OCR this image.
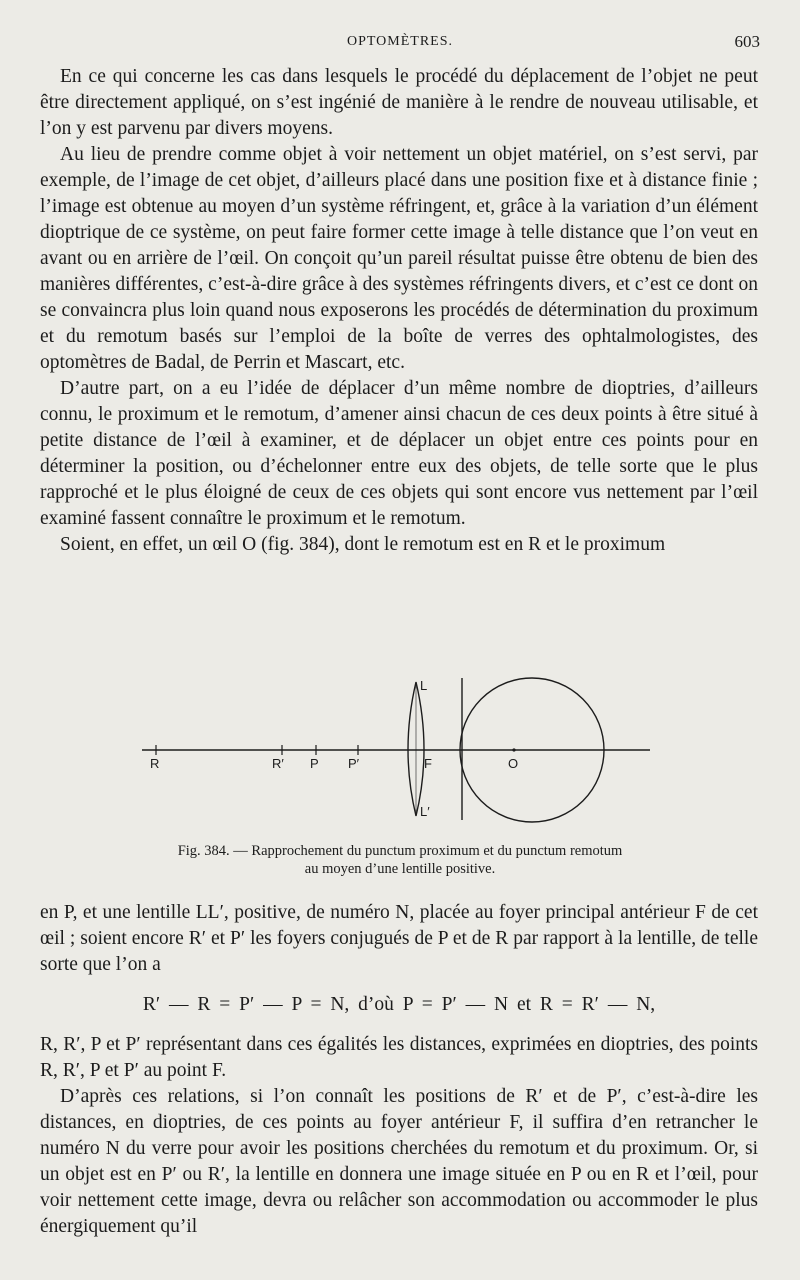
OPTOMÈTRES.	603

En ce qui concerne les cas dans lesquels le procédé du déplacement de l’objet ne peut être directement appliqué, on s’est ingénié de manière à le rendre de nouveau utilisable, et l’on y est parvenu par divers moyens.

Au lieu de prendre comme objet à voir nettement un objet matériel, on s’est servi, par exemple, de l’image de cet objet, d’ailleurs placé dans une position fixe et à distance finie ; l’image est obtenue au moyen d’un système réfringent, et, grâce à la variation d’un élément dioptrique de ce système, on peut faire former cette image à telle distance que l’on veut en avant ou en arrière de l’œil. On conçoit qu’un pareil résultat puisse être obtenu de bien des manières différentes, c’est-à-dire grâce à des systèmes réfringents divers, et c’est ce dont on se convaincra plus loin quand nous exposerons les procédés de détermination du proximum et du remotum basés sur l’emploi de la boîte de verres des ophtalmologistes, des optomètres de Badal, de Perrin et Mascart, etc.

D’autre part, on a eu l’idée de déplacer d’un même nombre de dioptries, d’ailleurs connu, le proximum et le remotum, d’amener ainsi chacun de ces deux points à être situé à petite distance de l’œil à examiner, et de déplacer un objet entre ces points pour en déterminer la position, ou d’échelonner entre eux des objets, de telle sorte que le plus rapproché et le plus éloigné de ceux de ces objets qui sont encore vus nettement par l’œil examiné fassent connaître le proximum et le remotum.

Soient, en effet, un œil O (fig. 384), dont le remotum est en R et le proximum

R	R′ P P′	F	O
L
L′
Fig. 384. — Rapprochement du punctum proximum et du punctum remotum
au moyen d’une lentille positive.

en P, et une lentille LL′, positive, de numéro N, placée au foyer principal antérieur F de cet œil ; soient encore R′ et P′ les foyers conjugués de P et de R par rapport à la lentille, de telle sorte que l’on a

R′ — R = P′ — P = N, d’où P = P′ — N et R = R′ — N,

R, R′, P et P′ représentant dans ces égalités les distances, exprimées en dioptries, des points R, R′, P et P′ au point F.

D’après ces relations, si l’on connaît les positions de R′ et de P′, c’est-à-dire les distances, en dioptries, de ces points au foyer antérieur F, il suffira d’en retrancher le numéro N du verre pour avoir les positions cherchées du remotum et du proximum. Or, si un objet est en P′ ou R′, la lentille en donnera une image située en P ou en R et l’œil, pour voir nettement cette image, devra ou relâcher son accommodation ou accommoder le plus énergiquement qu’il
